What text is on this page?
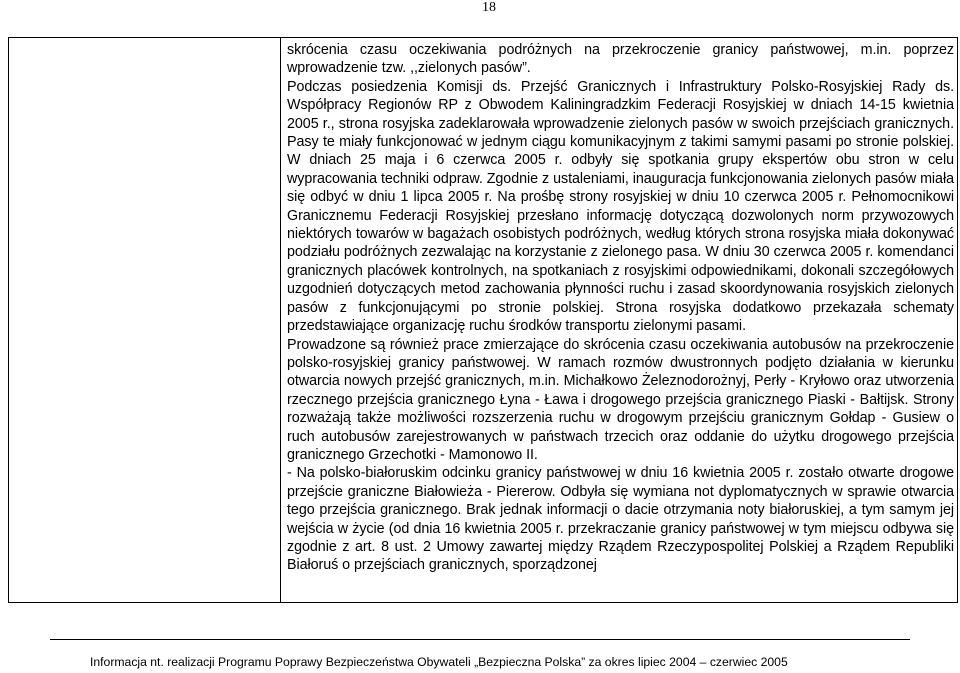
18

skrócenia czasu oczekiwania podróżnych na przekroczenie granicy państwowej, m.in. poprzez wprowadzenie tzw. ,,zielonych pasów”.

Podczas posiedzenia Komisji ds. Przejść Granicznych i Infrastruktury Polsko-Rosyjskiej Rady ds. Współpracy Regionów RP z Obwodem Kaliningradzkim Federacji Rosyjskiej w dniach 14-15 kwietnia 2005 r., strona rosyjska zadeklarowała wprowadzenie zielonych pasów w swoich przejściach granicznych. Pasy te miały funkcjonować w jednym ciągu komunikacyjnym z takimi samymi pasami po stronie polskiej. W dniach 25 maja i 6 czerwca 2005 r. odbyły się spotkania grupy ekspertów obu stron w celu wypracowania techniki odpraw. Zgodnie z ustaleniami, inauguracja funkcjonowania zielonych pasów miała się odbyć w dniu 1 lipca 2005 r. Na prośbę strony rosyjskiej w dniu 10 czerwca 2005 r. Pełnomocnikowi Granicznemu Federacji Rosyjskiej przesłano informację dotyczącą dozwolonych norm przywozowych niektórych towarów w bagażach osobistych podróżnych, według których strona rosyjska miała dokonywać podziału podróżnych zezwalając na korzystanie z zielonego pasa. W dniu 30 czerwca 2005 r. komendanci granicznych placówek kontrolnych, na spotkaniach z rosyjskimi odpowiednikami, dokonali szczegółowych uzgodnień dotyczących metod zachowania płynności ruchu i zasad skoordynowania rosyjskich zielonych pasów z funkcjonującymi po stronie polskiej. Strona rosyjska dodatkowo przekazała schematy przedstawiające organizację ruchu środków transportu zielonymi pasami.

Prowadzone są również prace zmierzające do skrócenia czasu oczekiwania autobusów na przekroczenie polsko-rosyjskiej granicy państwowej. W ramach rozmów dwustronnych podjęto działania w kierunku otwarcia nowych przejść granicznych, m.in. Michałkowo Żeleznodorożnyj, Perły - Kryłowo oraz utworzenia rzecznego przejścia granicznego Łyna - Ława i drogowego przejścia granicznego Piaski - Bałtijsk. Strony rozważają także możliwości rozszerzenia ruchu w drogowym przejściu granicznym Gołdap - Gusiew o ruch autobusów zarejestrowanych w państwach trzecich oraz oddanie do użytku drogowego przejścia granicznego Grzechotki - Mamonowo II.

- Na polsko-białoruskim odcinku granicy państwowej w dniu 16 kwietnia 2005 r. zostało otwarte drogowe przejście graniczne Białowieża - Piererow. Odbyła się wymiana not dyplomatycznych w sprawie otwarcia tego przejścia granicznego. Brak jednak informacji o dacie otrzymania noty białoruskiej, a tym samym jej wejścia w życie (od dnia 16 kwietnia 2005 r. przekraczanie granicy państwowej w tym miejscu odbywa się zgodnie z art. 8 ust. 2 Umowy zawartej między Rządem Rzeczypospolitej Polskiej a Rządem Republiki Białoruś o przejściach granicznych, sporządzonej

Informacja nt. realizacji Programu Poprawy Bezpieczeństwa Obywateli „Bezpieczna Polska” za okres lipiec 2004 – czerwiec 2005
